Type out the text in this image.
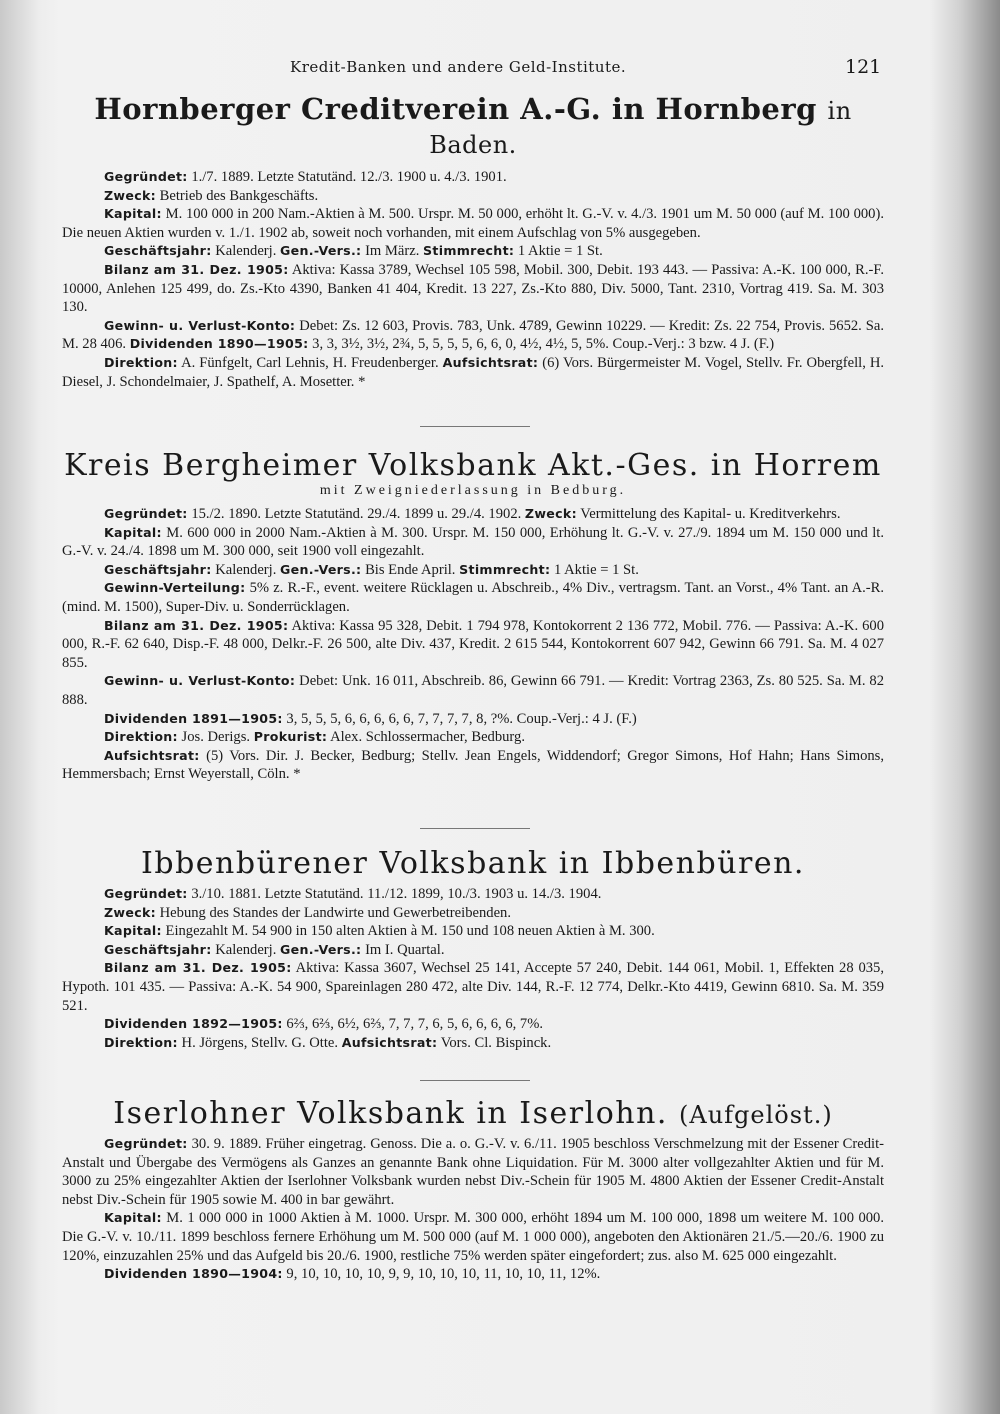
Kredit-Banken und andere Geld-Institute.	121
Hornberger Creditverein A.-G. in Hornberg in Baden.

Gegründet: 1./7. 1889. Letzte Statutänd. 12./3. 1900 u. 4./3. 1901.

Zweck: Betrieb des Bankgeschäfts.

Kapital: M. 100 000 in 200 Nam.-Aktien à M. 500. Urspr. M. 50 000, erhöht lt. G.-V. v. 4./3. 1901 um M. 50 000 (auf M. 100 000). Die neuen Aktien wurden v. 1./1. 1902 ab, soweit noch vorhanden, mit einem Aufschlag von 5% ausgegeben.

Geschäftsjahr: Kalenderj. Gen.-Vers.: Im März. Stimmrecht: 1 Aktie = 1 St.

Bilanz am 31. Dez. 1905: Aktiva: Kassa 3789, Wechsel 105 598, Mobil. 300, Debit. 193 443. — Passiva: A.-K. 100 000, R.-F. 10000, Anlehen 125 499, do. Zs.-Kto 4390, Banken 41 404, Kredit. 13 227, Zs.-Kto 880, Div. 5000, Tant. 2310, Vortrag 419. Sa. M. 303 130.

Gewinn- u. Verlust-Konto: Debet: Zs. 12 603, Provis. 783, Unk. 4789, Gewinn 10229. — Kredit: Zs. 22 754, Provis. 5652. Sa. M. 28 406. Dividenden 1890—1905: 3, 3, 3½, 3½, 2¾, 5, 5, 5, 5, 6, 6, 0, 4½, 4½, 5, 5%. Coup.-Verj.: 3 bzw. 4 J. (F.)

Direktion: A. Fünfgelt, Carl Lehnis, H. Freudenberger. Aufsichtsrat: (6) Vors. Bürgermeister M. Vogel, Stellv. Fr. Obergfell, H. Diesel, J. Schondelmaier, J. Spathelf, A. Mosetter. *

Kreis Bergheimer Volksbank Akt.-Ges. in Horrem

mit Zweigniederlassung in Bedburg.

Gegründet: 15./2. 1890. Letzte Statutänd. 29./4. 1899 u. 29./4. 1902. Zweck: Vermittelung des Kapital- u. Kreditverkehrs.

Kapital: M. 600 000 in 2000 Nam.-Aktien à M. 300. Urspr. M. 150 000, Erhöhung lt. G.-V. v. 27./9. 1894 um M. 150 000 und lt. G.-V. v. 24./4. 1898 um M. 300 000, seit 1900 voll eingezahlt.

Geschäftsjahr: Kalenderj. Gen.-Vers.: Bis Ende April. Stimmrecht: 1 Aktie = 1 St.

Gewinn-Verteilung: 5% z. R.-F., event. weitere Rücklagen u. Abschreib., 4% Div., vertragsm. Tant. an Vorst., 4% Tant. an A.-R. (mind. M. 1500), Super-Div. u. Sonderrücklagen.

Bilanz am 31. Dez. 1905: Aktiva: Kassa 95 328, Debit. 1 794 978, Kontokorrent 2 136 772, Mobil. 776. — Passiva: A.-K. 600 000, R.-F. 62 640, Disp.-F. 48 000, Delkr.-F. 26 500, alte Div. 437, Kredit. 2 615 544, Kontokorrent 607 942, Gewinn 66 791. Sa. M. 4 027 855.

Gewinn- u. Verlust-Konto: Debet: Unk. 16 011, Abschreib. 86, Gewinn 66 791. — Kredit: Vortrag 2363, Zs. 80 525. Sa. M. 82 888.

Dividenden 1891—1905: 3, 5, 5, 5, 6, 6, 6, 6, 6, 7, 7, 7, 7, 8, ?%. Coup.-Verj.: 4 J. (F.)

Direktion: Jos. Derigs. Prokurist: Alex. Schlossermacher, Bedburg.

Aufsichtsrat: (5) Vors. Dir. J. Becker, Bedburg; Stellv. Jean Engels, Widdendorf; Gregor Simons, Hof Hahn; Hans Simons, Hemmersbach; Ernst Weyerstall, Cöln. *

Ibbenbürener Volksbank in Ibbenbüren.

Gegründet: 3./10. 1881. Letzte Statutänd. 11./12. 1899, 10./3. 1903 u. 14./3. 1904.

Zweck: Hebung des Standes der Landwirte und Gewerbetreibenden.

Kapital: Eingezahlt M. 54 900 in 150 alten Aktien à M. 150 und 108 neuen Aktien à M. 300.

Geschäftsjahr: Kalenderj. Gen.-Vers.: Im I. Quartal.

Bilanz am 31. Dez. 1905: Aktiva: Kassa 3607, Wechsel 25 141, Accepte 57 240, Debit. 144 061, Mobil. 1, Effekten 28 035, Hypoth. 101 435. — Passiva: A.-K. 54 900, Spareinlagen 280 472, alte Div. 144, R.-F. 12 774, Delkr.-Kto 4419, Gewinn 6810. Sa. M. 359 521.

Dividenden 1892—1905: 6⅔, 6⅔, 6½, 6⅔, 7, 7, 7, 6, 5, 6, 6, 6, 6, 7%.

Direktion: H. Jörgens, Stellv. G. Otte. Aufsichtsrat: Vors. Cl. Bispinck.

Iserlohner Volksbank in Iserlohn. (Aufgelöst.)

Gegründet: 30. 9. 1889. Früher eingetrag. Genoss. Die a. o. G.-V. v. 6./11. 1905 beschloss Verschmelzung mit der Essener Credit-Anstalt und Übergabe des Vermögens als Ganzes an genannte Bank ohne Liquidation. Für M. 3000 alter vollgezahlter Aktien und für M. 3000 zu 25% eingezahlter Aktien der Iserlohner Volksbank wurden nebst Div.-Schein für 1905 M. 4800 Aktien der Essener Credit-Anstalt nebst Div.-Schein für 1905 sowie M. 400 in bar gewährt.

Kapital: M. 1 000 000 in 1000 Aktien à M. 1000. Urspr. M. 300 000, erhöht 1894 um M. 100 000, 1898 um weitere M. 100 000. Die G.-V. v. 10./11. 1899 beschloss fernere Erhöhung um M. 500 000 (auf M. 1 000 000), angeboten den Aktionären 21./5.—20./6. 1900 zu 120%, einzuzahlen 25% und das Aufgeld bis 20./6. 1900, restliche 75% werden später eingefordert; zus. also M. 625 000 eingezahlt.

Dividenden 1890—1904: 9, 10, 10, 10, 10, 9, 9, 10, 10, 10, 11, 10, 10, 11, 12%.
